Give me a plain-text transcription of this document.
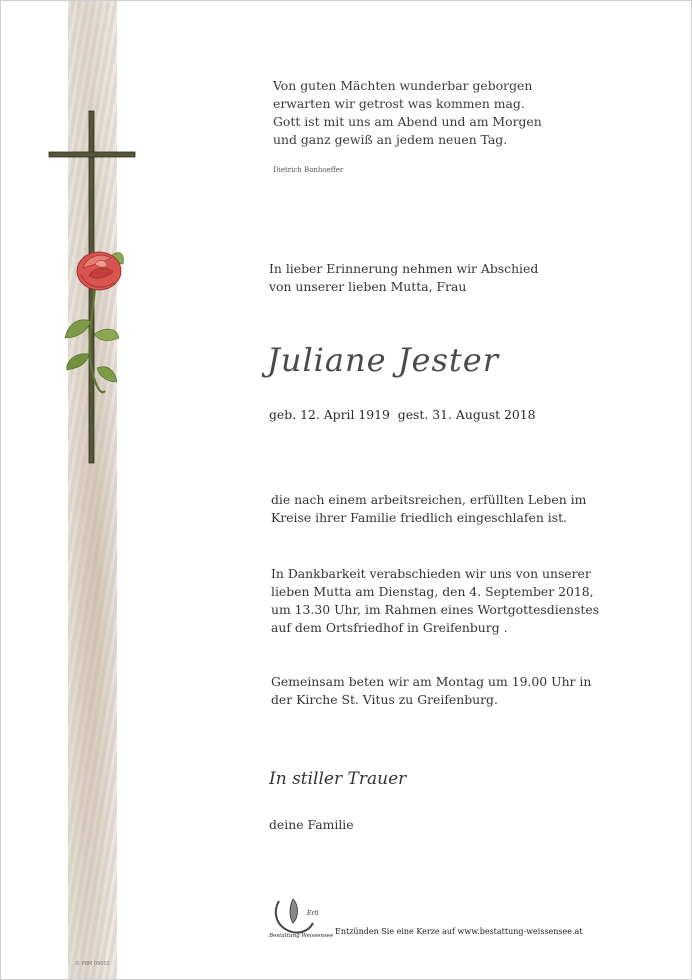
© PBM 09002
Von guten Mächten wunderbar geborgen
erwarten wir getrost was kommen mag.
Gott ist mit uns am Abend und am Morgen
und ganz gewiß an jedem neuen Tag.
Dietrich Bonhoeffer
In lieber Erinnerung nehmen wir Abschied
von unserer lieben Mutta, Frau
Juliane Jester
geb. 12. April 1919  gest. 31. August 2018
die nach einem arbeitsreichen, erfüllten Leben im
Kreise ihrer Familie friedlich eingeschlafen ist.
In Dankbarkeit verabschieden wir uns von unserer
lieben Mutta am Dienstag, den 4. September 2018,
um 13.30 Uhr, im Rahmen eines Wortgottesdienstes
auf dem Ortsfriedhof in Greifenburg .
Gemeinsam beten wir am Montag um 19.00 Uhr in
der Kirche St. Vitus zu Greifenburg.
In stiller Trauer
deine Familie
Ertl
Bestattung Weissensee Entzünden Sie eine Kerze auf www.bestattung-weissensee.at
